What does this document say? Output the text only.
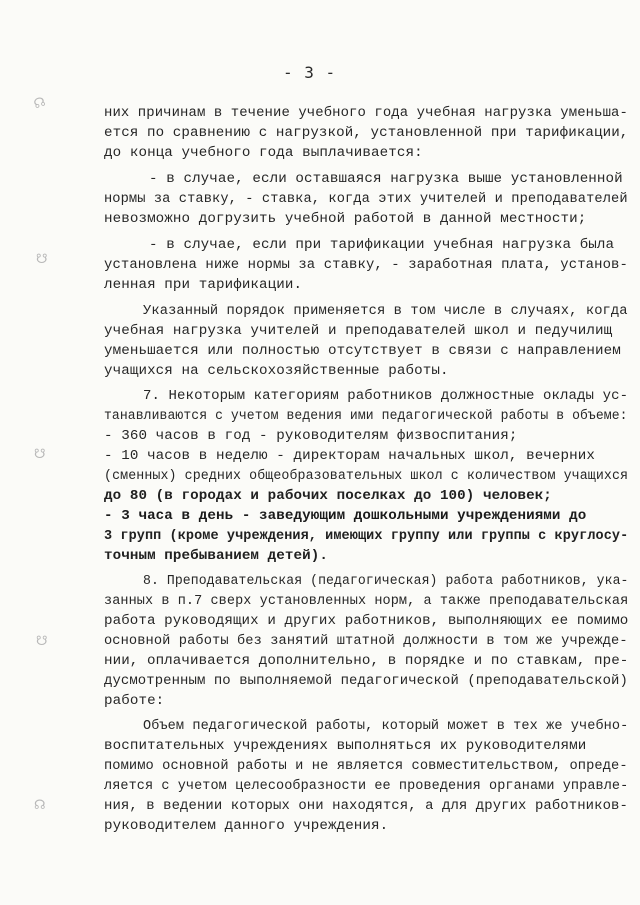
- 3 -
☊
☋
☋
☋
☊
них причинам в течение учебного года учебная нагрузка уменьша-
ется по сравнению с нагрузкой, установленной при тарификации,
до конца учебного года выплачивается:
- в случае, если оставшаяся нагрузка выше установленной
нормы за ставку, - ставка, когда этих учителей и преподавателей
невозможно догрузить учебной работой в данной местности;
- в случае, если при тарификации учебная нагрузка была
установлена ниже нормы за ставку, - заработная плата, установ-
ленная при тарификации.
Указанный порядок применяется в том числе в случаях, когда
учебная нагрузка учителей и преподавателей школ и педучилищ
уменьшается или полностью отсутствует в связи с направлением
учащихся на сельскохозяйственные работы.
7. Некоторым категориям работников должностные оклады ус-
танавливаются с учетом ведения ими педагогической работы в объеме:
- 360 часов в год - руководителям физвоспитания;
- 10 часов в неделю - директорам начальных школ, вечерних
(сменных) средних общеобразовательных школ с количеством учащихся
до 80 (в городах и рабочих поселках до 100) человек;
- 3 часа в день - заведующим дошкольными учреждениями до
3 групп (кроме учреждения, имеющих группу или группы с круглосу-
точным пребыванием детей).
8. Преподавательская (педагогическая) работа работников, ука-
занных в п.7 сверх установленных норм, а также преподавательская
работа руководящих и других работников, выполняющих ее помимо
основной работы без занятий штатной должности в том же учрежде-
нии, оплачивается дополнительно, в порядке и по ставкам, пре-
дусмотренным по выполняемой педагогической (преподавательской)
работе:
Объем педагогической работы, который может в тех же учебно-
воспитательных учреждениях выполняться их руководителями
помимо основной работы и не является совместительством, опреде-
ляется с учетом целесообразности ее проведения органами управле-
ния, в ведении которых они находятся, а для других работников-
руководителем данного учреждения.
